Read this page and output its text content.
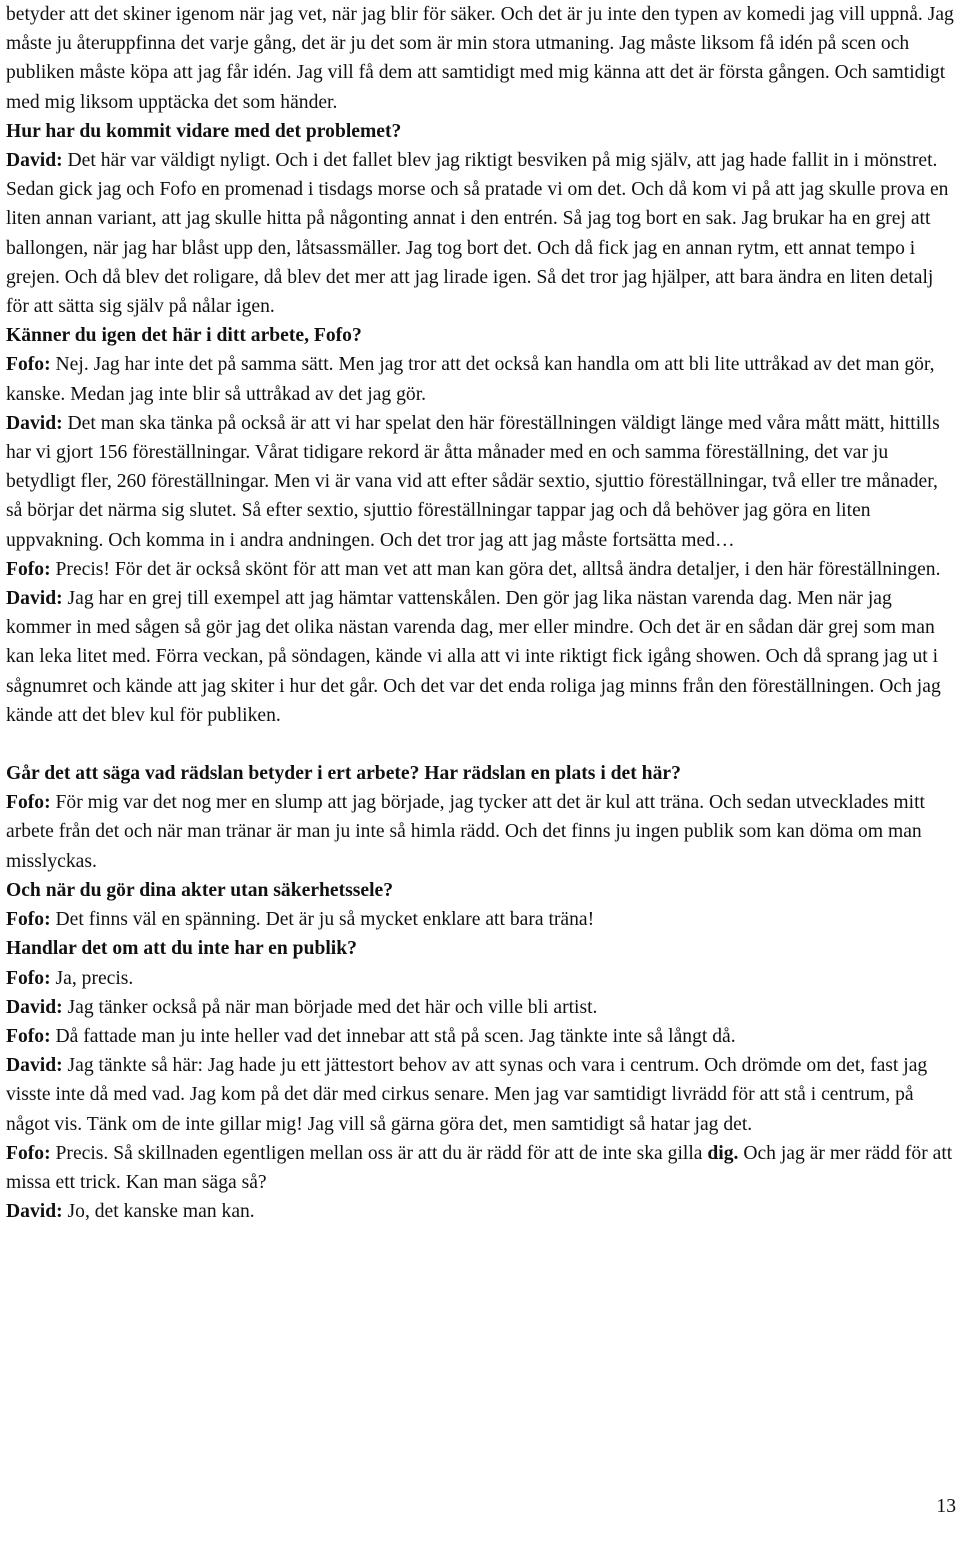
betyder att det skiner igenom när jag vet, när jag blir för säker. Och det är ju inte den typen av komedi jag vill uppnå. Jag måste ju återuppfinna det varje gång, det är ju det som är min stora utmaning. Jag måste liksom få idén på scen och publiken måste köpa att jag får idén. Jag vill få dem att samtidigt med mig känna att det är första gången. Och samtidigt med mig liksom upptäcka det som händer.

Hur har du kommit vidare med det problemet?

David: Det här var väldigt nyligt. Och i det fallet blev jag riktigt besviken på mig själv, att jag hade fallit in i mönstret. Sedan gick jag och Fofo en promenad i tisdags morse och så pratade vi om det. Och då kom vi på att jag skulle prova en liten annan variant, att jag skulle hitta på någonting annat i den entrén. Så jag tog bort en sak. Jag brukar ha en grej att ballongen, när jag har blåst upp den, låtsassmäller. Jag tog bort det. Och då fick jag en annan rytm, ett annat tempo i grejen. Och då blev det roligare, då blev det mer att jag lirade igen. Så det tror jag hjälper, att bara ändra en liten detalj för att sätta sig själv på nålar igen.

Känner du igen det här i ditt arbete, Fofo?

Fofo: Nej. Jag har inte det på samma sätt. Men jag tror att det också kan handla om att bli lite uttråkad av det man gör, kanske. Medan jag inte blir så uttråkad av det jag gör.

David: Det man ska tänka på också är att vi har spelat den här föreställningen väldigt länge med våra mått mätt, hittills har vi gjort 156 föreställningar. Vårat tidigare rekord är åtta månader med en och samma föreställning, det var ju betydligt fler, 260 föreställningar. Men vi är vana vid att efter sådär sextio, sjuttio föreställningar, två eller tre månader, så börjar det närma sig slutet. Så efter sextio, sjuttio föreställningar tappar jag och då behöver jag göra en liten uppvakning. Och komma in i andra andningen. Och det tror jag att jag måste fortsätta med…

Fofo: Precis! För det är också skönt för att man vet att man kan göra det, alltså ändra detaljer, i den här föreställningen.

David: Jag har en grej till exempel att jag hämtar vattenskålen. Den gör jag lika nästan varenda dag. Men när jag kommer in med sågen så gör jag det olika nästan varenda dag, mer eller mindre. Och det är en sådan där grej som man kan leka litet med. Förra veckan, på söndagen, kände vi alla att vi inte riktigt fick igång showen. Och då sprang jag ut i sågnumret och kände att jag skiter i hur det går. Och det var det enda roliga jag minns från den föreställningen. Och jag kände att det blev kul för publiken.

Går det att säga vad rädslan betyder i ert arbete? Har rädslan en plats i det här?

Fofo: För mig var det nog mer en slump att jag började, jag tycker att det är kul att träna. Och sedan utvecklades mitt arbete från det och när man tränar är man ju inte så himla rädd. Och det finns ju ingen publik som kan döma om man misslyckas.

Och när du gör dina akter utan säkerhetssele?

Fofo: Det finns väl en spänning. Det är ju så mycket enklare att bara träna!

Handlar det om att du inte har en publik?

Fofo: Ja, precis.

David: Jag tänker också på när man började med det här och ville bli artist.

Fofo: Då fattade man ju inte heller vad det innebar att stå på scen. Jag tänkte inte så långt då.

David: Jag tänkte så här: Jag hade ju ett jättestort behov av att synas och vara i centrum. Och drömde om det, fast jag visste inte då med vad. Jag kom på det där med cirkus senare. Men jag var samtidigt livrädd för att stå i centrum, på något vis. Tänk om de inte gillar mig! Jag vill så gärna göra det, men samtidigt så hatar jag det.

Fofo: Precis. Så skillnaden egentligen mellan oss är att du är rädd för att de inte ska gilla dig. Och jag är mer rädd för att missa ett trick. Kan man säga så?

David: Jo, det kanske man kan.

13
